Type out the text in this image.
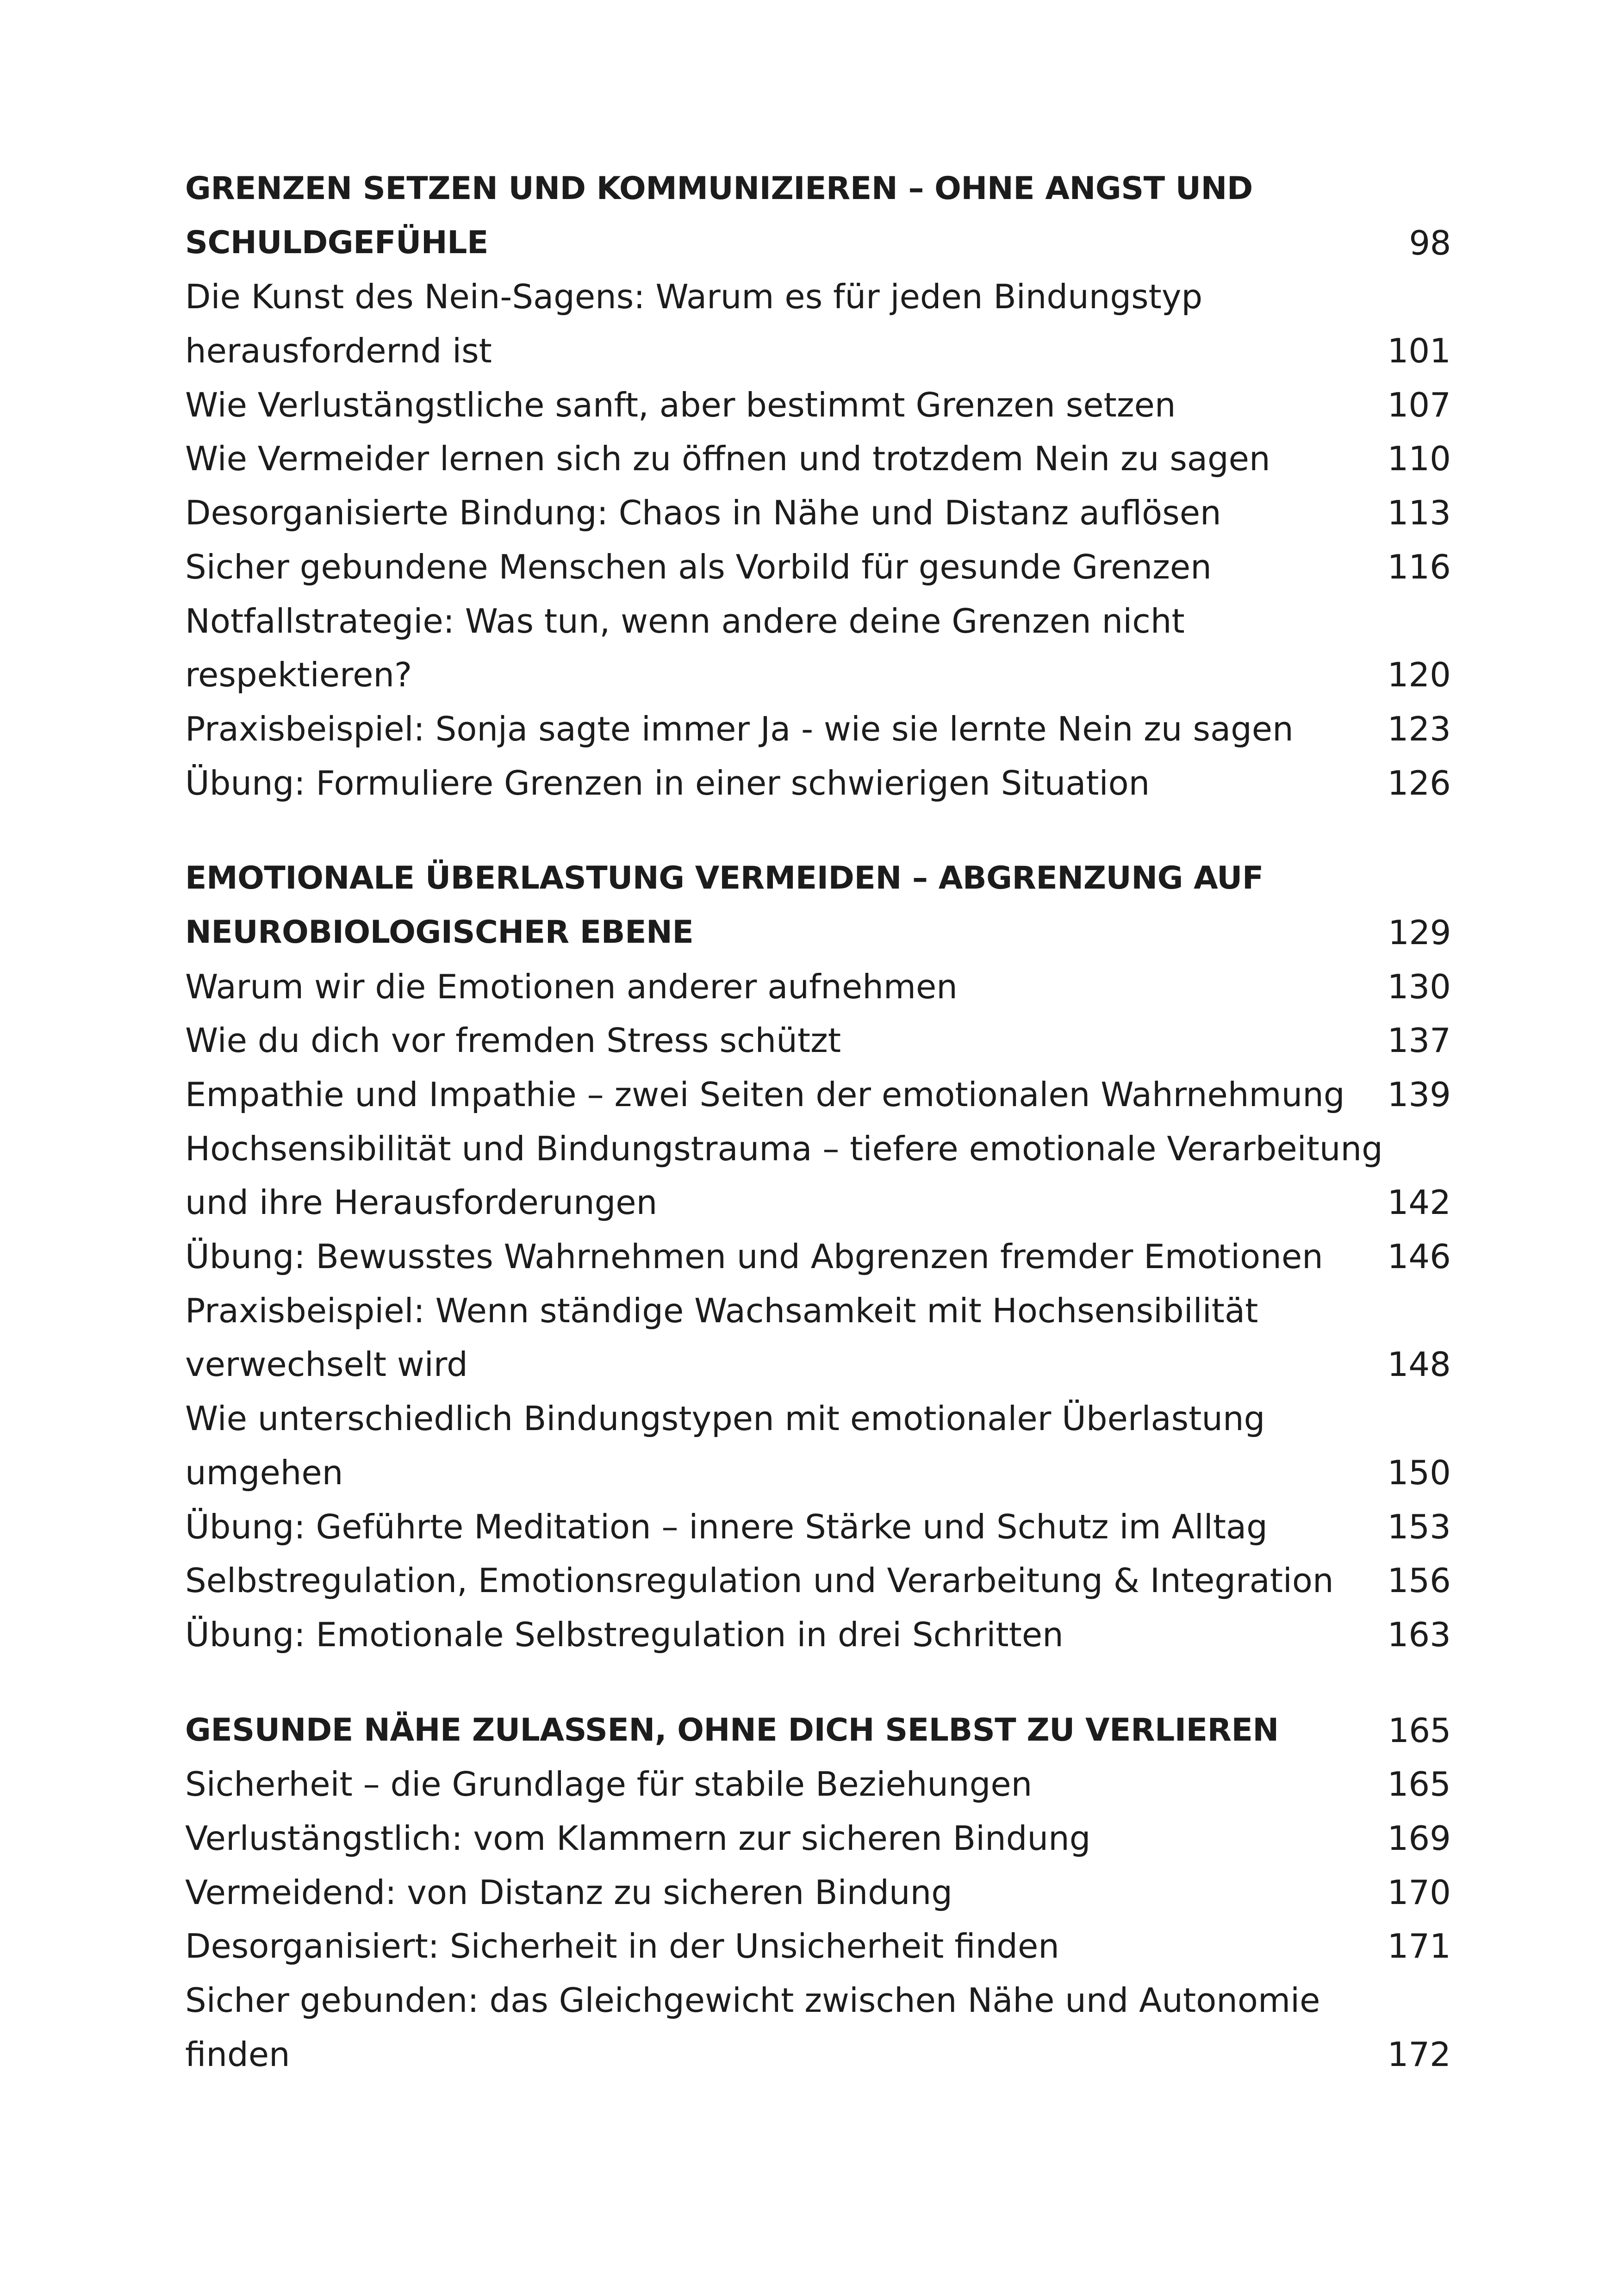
GRENZEN SETZEN UND KOMMUNIZIEREN – OHNE ANGST UND
SCHULDGEFÜHLE	98
Die Kunst des Nein-Sagens: Warum es für jeden Bindungstyp
herausfordernd ist	101
Wie Verlustängstliche sanft, aber bestimmt Grenzen setzen	107
Wie Vermeider lernen sich zu öffnen und trotzdem Nein zu sagen	110
Desorganisierte Bindung: Chaos in Nähe und Distanz auflösen	113
Sicher gebundene Menschen als Vorbild für gesunde Grenzen	116
Notfallstrategie: Was tun, wenn andere deine Grenzen nicht
respektieren?	120
Praxisbeispiel: Sonja sagte immer Ja - wie sie lernte Nein zu sagen	123
Übung: Formuliere Grenzen in einer schwierigen Situation	126
EMOTIONALE ÜBERLASTUNG VERMEIDEN – ABGRENZUNG AUF
NEUROBIOLOGISCHER EBENE	129
Warum wir die Emotionen anderer aufnehmen	130
Wie du dich vor fremden Stress schützt	137
Empathie und Impathie – zwei Seiten der emotionalen Wahrnehmung 139
Hochsensibilität und Bindungstrauma – tiefere emotionale Verarbeitung
und ihre Herausforderungen	142
Übung: Bewusstes Wahrnehmen und Abgrenzen fremder Emotionen 146
Praxisbeispiel: Wenn ständige Wachsamkeit mit Hochsensibilität
verwechselt wird	148
Wie unterschiedlich Bindungstypen mit emotionaler Überlastung
umgehen	150
Übung: Geführte Meditation – innere Stärke und Schutz im Alltag	153
Selbstregulation, Emotionsregulation und Verarbeitung & Integration 156
Übung: Emotionale Selbstregulation in drei Schritten	163
GESUNDE NÄHE ZULASSEN, OHNE DICH SELBST ZU VERLIEREN	165
Sicherheit – die Grundlage für stabile Beziehungen	165
Verlustängstlich: vom Klammern zur sicheren Bindung	169
Vermeidend: von Distanz zu sicheren Bindung	170
Desorganisiert: Sicherheit in der Unsicherheit finden	171
Sicher gebunden: das Gleichgewicht zwischen Nähe und Autonomie
finden	172
